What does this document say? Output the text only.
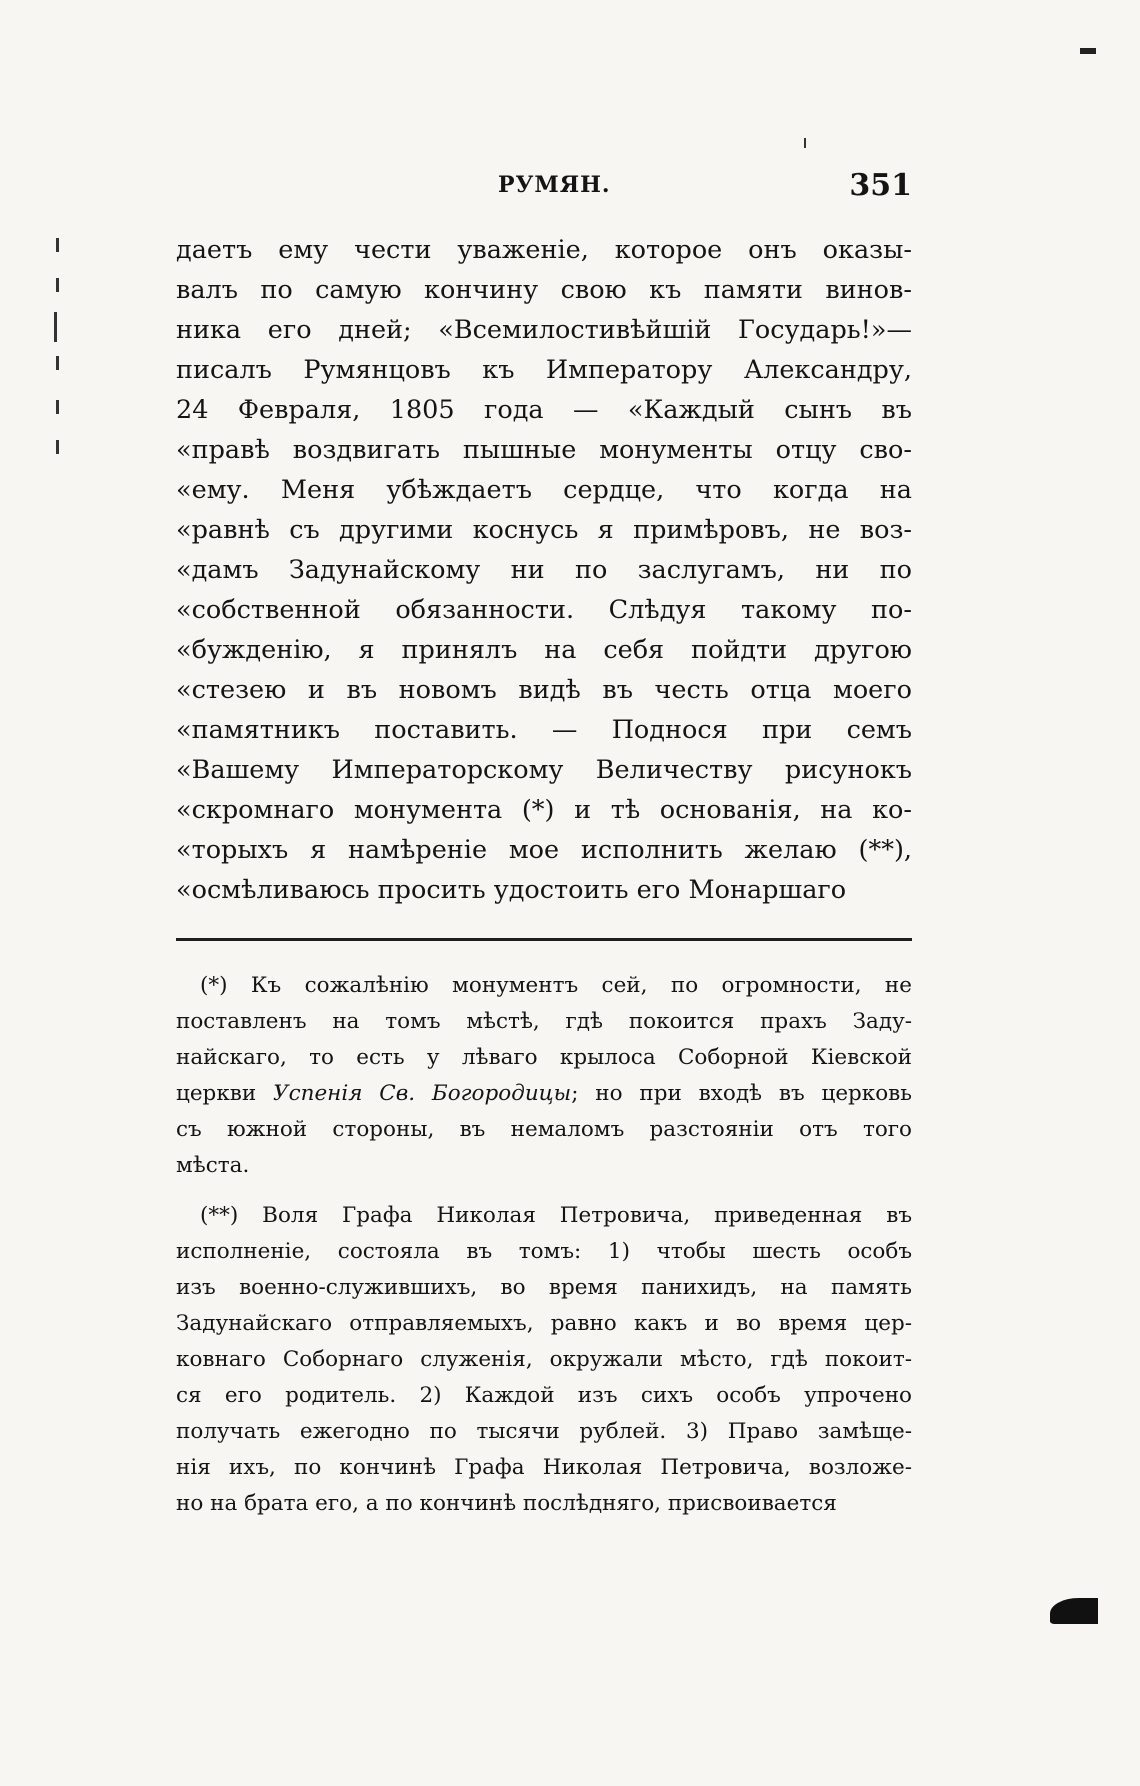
РУМЯН.	351
даетъ ему чести уваженіе, которое онъ оказы-
валъ по самую кончину свою къ памяти винов-
ника его дней; «Всемилостивѣйшій Государь!»—
писалъ Румянцовъ къ Императору Александру,
24 Февраля, 1805 года — «Каждый сынъ въ
«правѣ воздвигать пышные монументы отцу сво-
«ему. Меня убѣждаетъ сердце, что когда на
«равнѣ съ другими коснусь я примѣровъ, не воз-
«дамъ Задунайскому ни по заслугамъ, ни по
«собственной обязанности. Слѣдуя такому по-
«бужденію, я принялъ на себя пойдти другою
«стезею и въ новомъ видѣ въ честь отца моего
«памятникъ поставить. — Поднося при семъ
«Вашему Императорскому Величеству рисунокъ
«скромнаго монумента (*) и тѣ основанія, на ко-
«торыхъ я намѣреніе мое исполнить желаю (**),
«осмѣливаюсь просить удостоить его Монаршаго
(*) Къ сожалѣнію монументъ сей, по огромности, не
поставленъ на томъ мѣстѣ, гдѣ покоится прахъ Заду-
найскаго, то есть у лѣваго крылоса Соборной Кіевской
церкви Успенія Св. Богородицы; но при входѣ въ церковь
съ южной стороны, въ немаломъ разстояніи отъ того
мѣста.
(**) Воля Графа Николая Петровича, приведенная въ
исполненіе, состояла въ томъ: 1) чтобы шесть особъ
изъ военно-служившихъ, во время панихидъ, на память
Задунайскаго отправляемыхъ, равно какъ и во время цер-
ковнаго Соборнаго служенія, окружали мѣсто, гдѣ покоит-
ся его родитель. 2) Каждой изъ сихъ особъ упрочено
получать ежегодно по тысячи рублей. 3) Право замѣще-
нія ихъ, по кончинѣ Графа Николая Петровича, возложе-
но на брата его, а по кончинѣ послѣдняго, присвоивается
